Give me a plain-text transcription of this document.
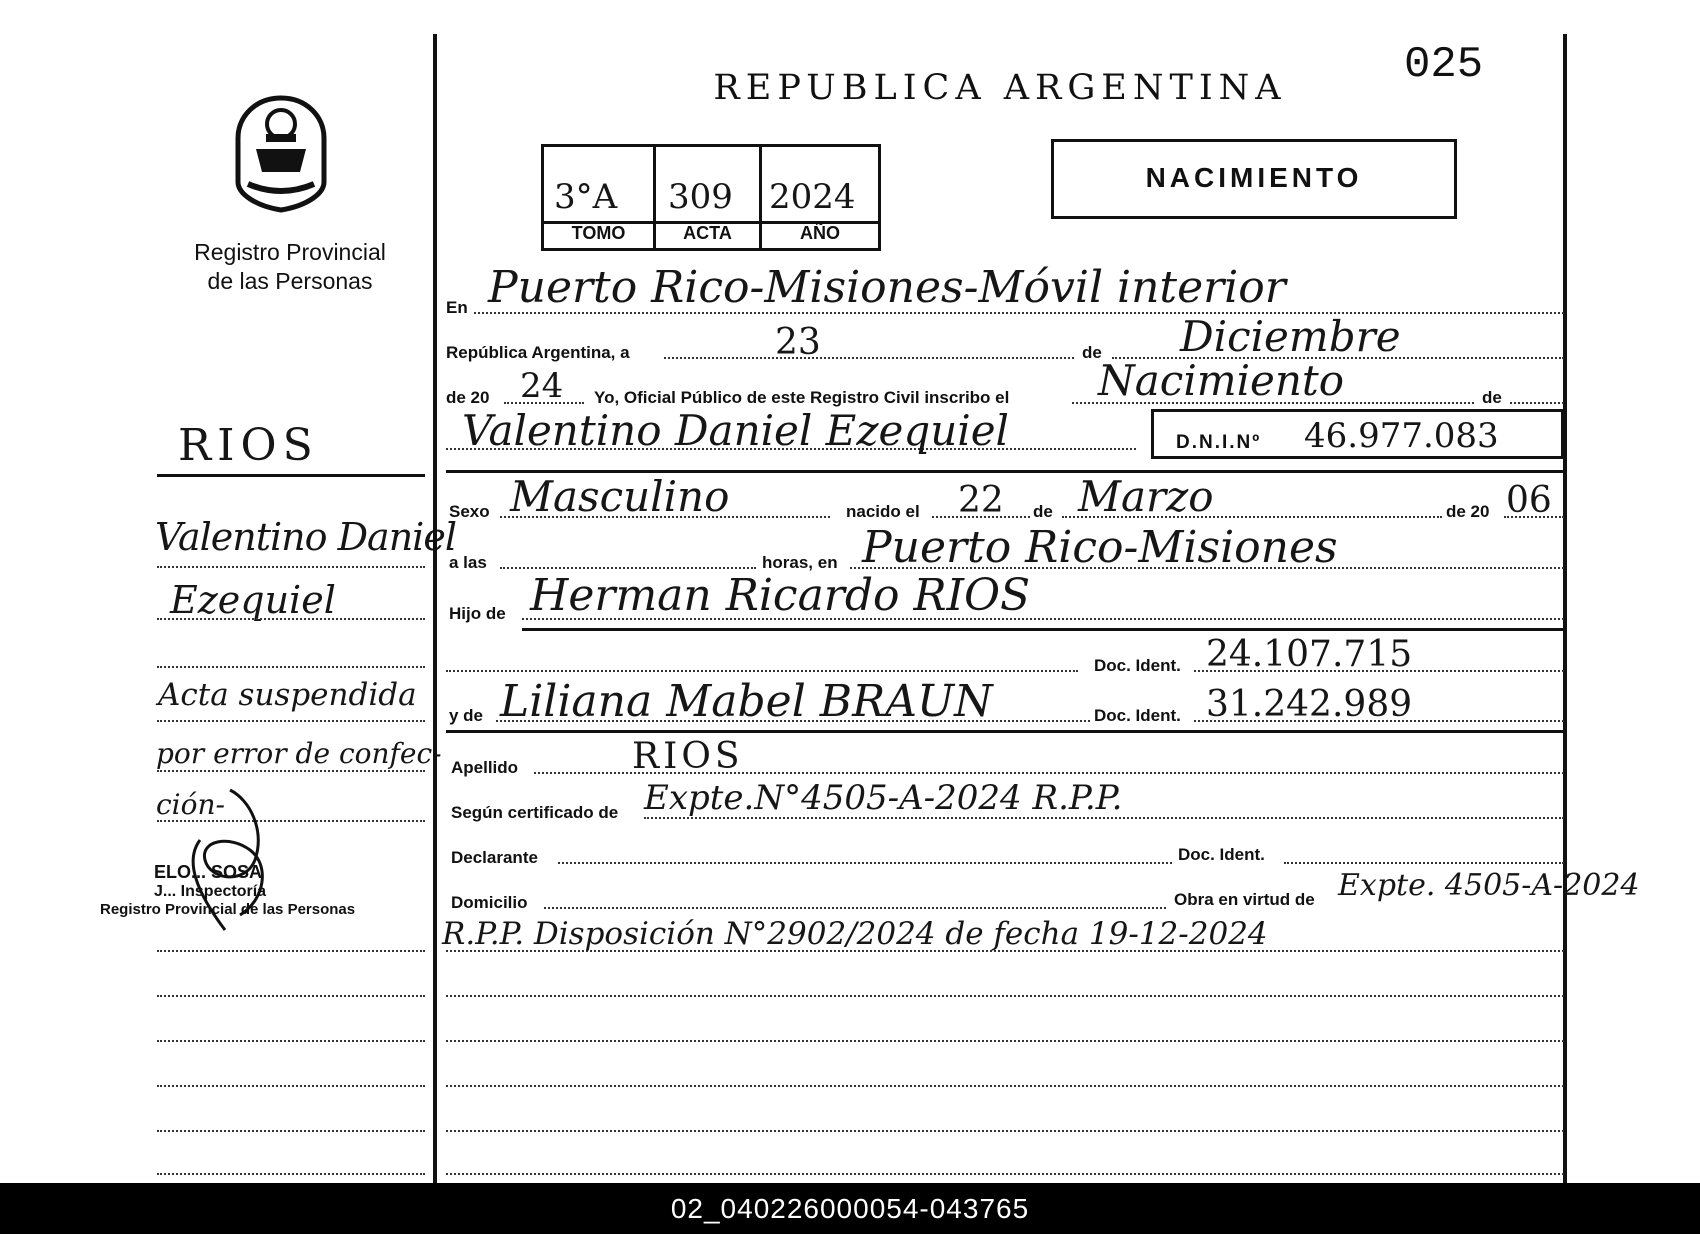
Registro Provincial
de las Personas
RIOS
Valentino Daniel
Ezequiel
Acta suspendida
por error de confec-
ción-
ELO... SOSA
J... Inspectoría
Registro Provincial de las Personas
REPUBLICA ARGENTINA	025
3°A 309 2024
TOMO	ACTA	AÑO
NACIMIENTO
En Puerto Rico-Misiones-Móvil interior
República Argentina, a	23	de Diciembre
de 20 24 Yo, Oficial Público de este Registro Civil inscribo el Nacimiento	de
Valentino Daniel Ezequiel	D.N.I.Nº 46.977.083
Sexo Masculino	nacido el 22 de Marzo	de 20 06
a las	horas, en Puerto Rico-Misiones
Hijo de Herman Ricardo RIOS
Doc. Ident. 24.107.715
y de Liliana Mabel BRAUN	Doc. Ident. 31.242.989
Apellido	RIOS
Según certificado de Expte.N°4505-A-2024 R.P.P.
Declarante	Doc. Ident.
Domicilio	Obra en virtud de Expte. 4505-A-2024
R.P.P. Disposición N°2902/2024 de fecha 19-12-2024
02_040226000054-043765
